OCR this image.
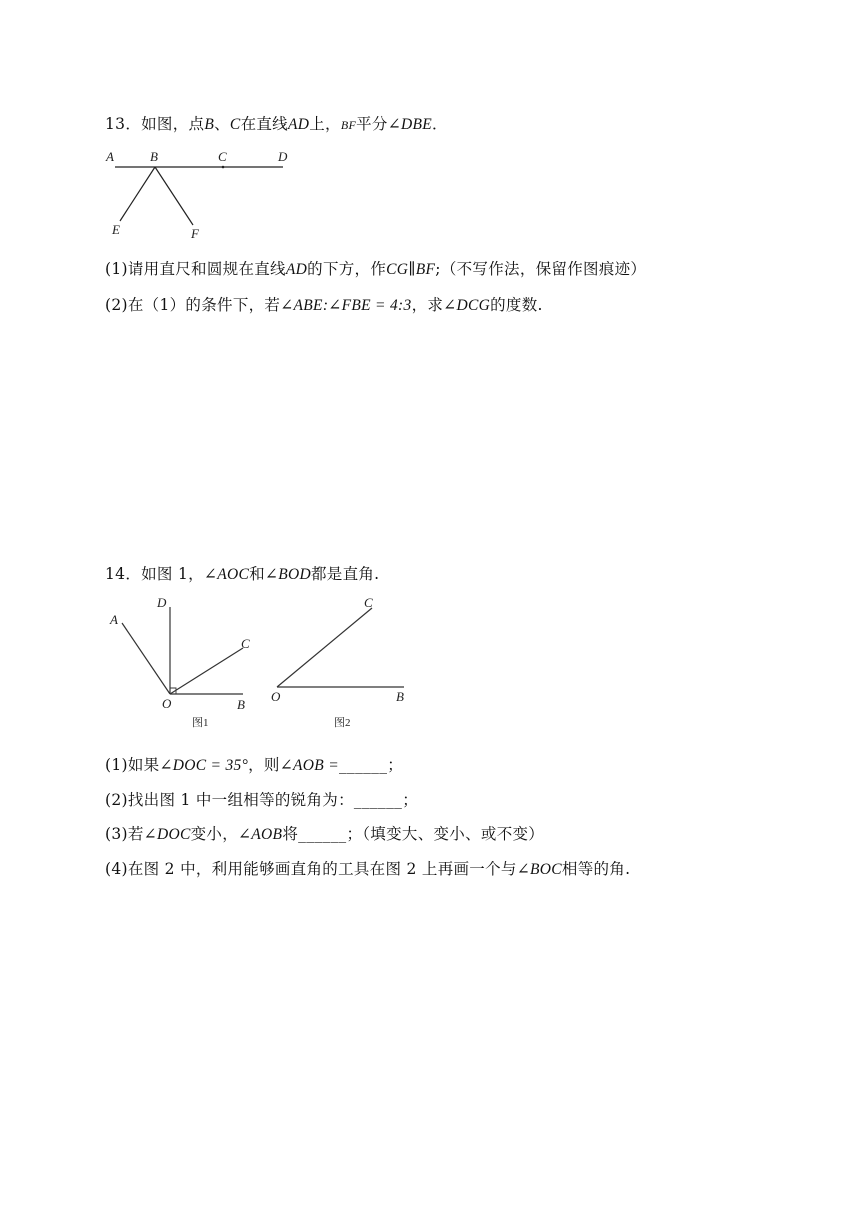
13．如图，点B、C在直线AD上，BF平分∠DBE．
A	B	C	D
E	F
(1)请用直尺和圆规在直线AD的下方，作CG∥BF;（不写作法，保留作图痕迹）
(2)在（1）的条件下，若∠ABE:∠FBE = 4:3，求∠DCG的度数.
14．如图 1，∠AOC和∠BOD都是直角.
A
D
C
O	B
图1
C
O	B
图2
(1)如果∠DOC = 35°，则∠AOB =______；
(2)找出图 1 中一组相等的锐角为：______；
(3)若∠DOC变小，∠AOB将______；（填变大、变小、或不变）
(4)在图 2 中，利用能够画直角的工具在图 2 上再画一个与∠BOC相等的角.
